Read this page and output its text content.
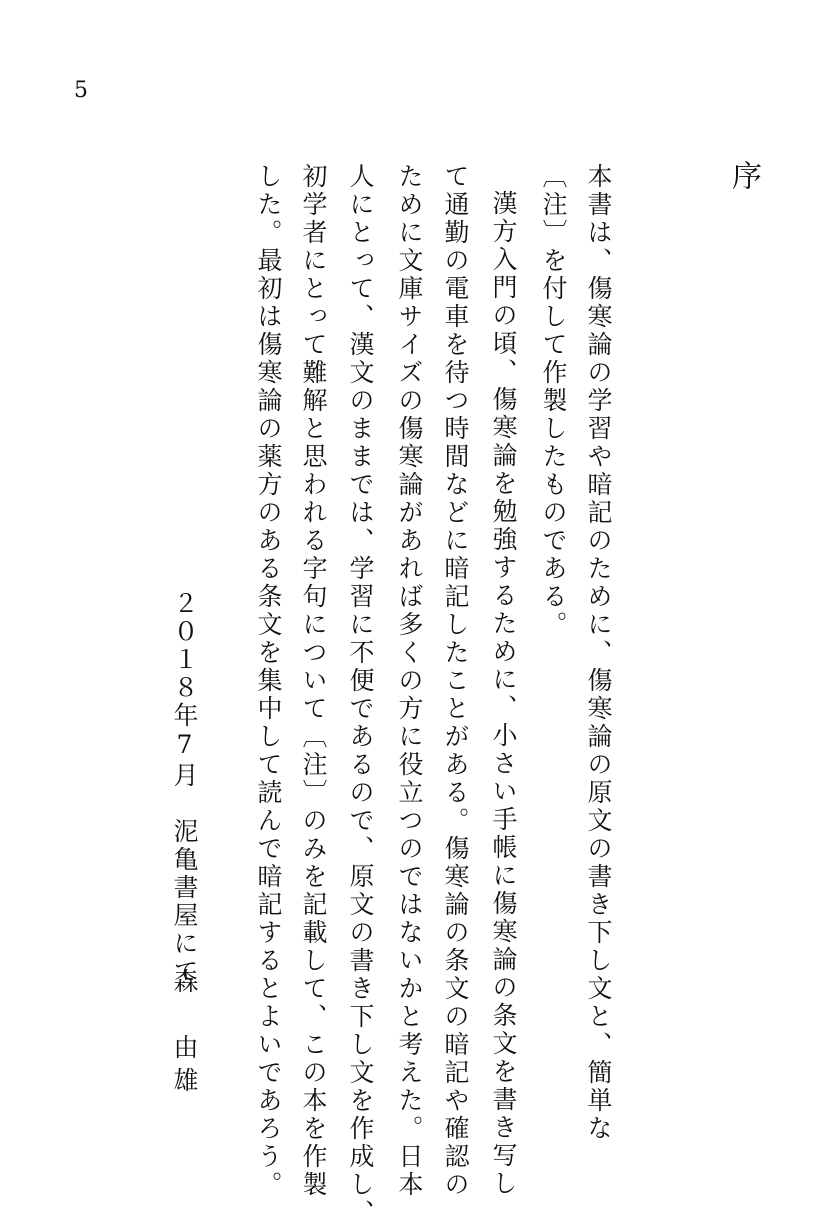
5
序
本書は、傷寒論の学習や暗記のために、傷寒論の原文の書き下し文と、簡単な
〔注〕を付して作製したものである。
漢方入門の頃、傷寒論を勉強するために、小さい手帳に傷寒論の条文を書き写し
て通勤の電車を待つ時間などに暗記したことがある。傷寒論の条文の暗記や確認の
ために文庫サイズの傷寒論があれば多くの方に役立つのではないかと考えた。日本
人にとって、漢文のままでは、学習に不便であるので、原文の書き下し文を作成し、
初学者にとって難解と思われる字句について〔注〕のみを記載して、この本を作製
した。最初は傷寒論の薬方のある条文を集中して読んで暗記するとよいであろう。
２０１８年7月　泥亀書屋にて
森　由雄
